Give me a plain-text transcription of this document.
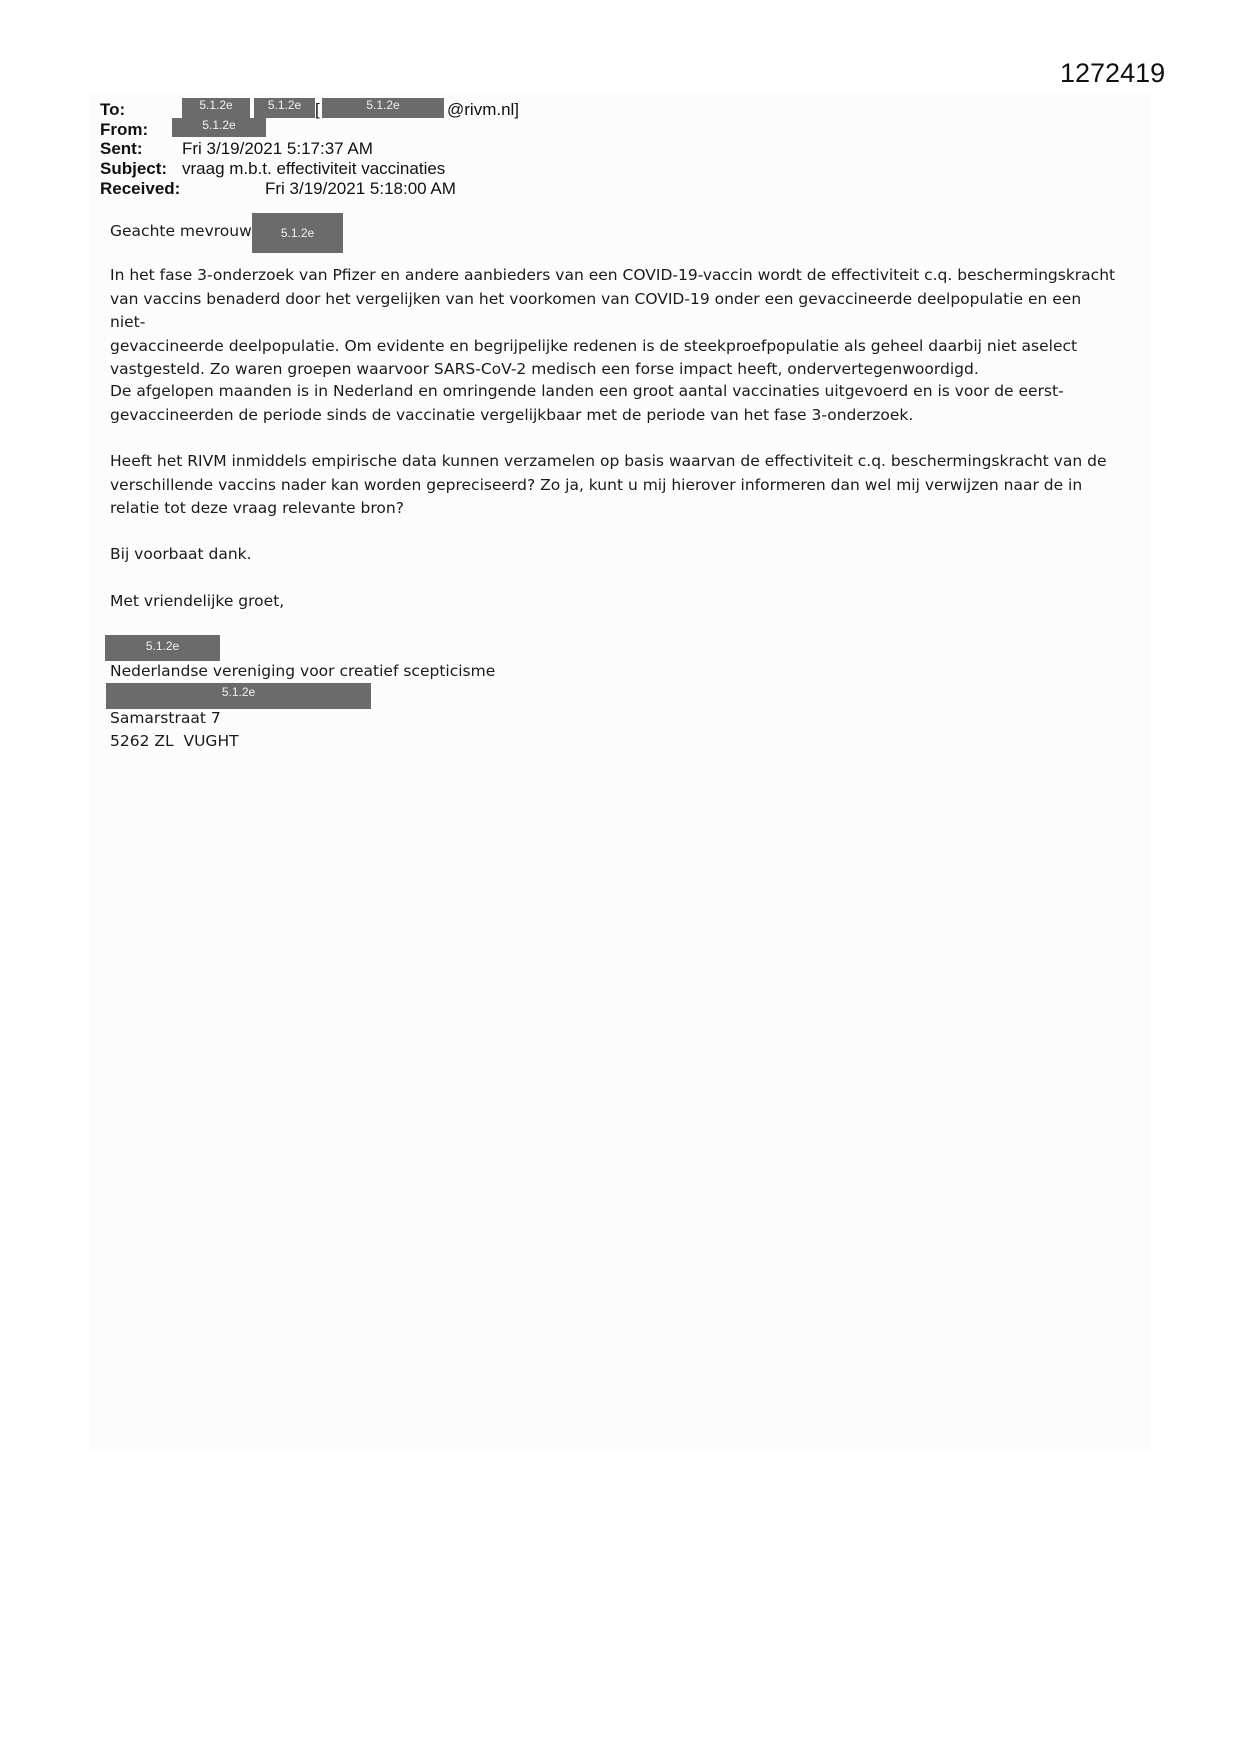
1272419
To:	5.1.2e	5.1.2e [	5.1.2e	@rivm.nl]
From:	5.1.2e
Sent: Fri 3/19/2021 5:17:37 AM
Subject: vraag m.b.t. effectiviteit vaccinaties
Received:	Fri 3/19/2021 5:18:00 AM
Geachte mevrouw	5.1.2e

In het fase 3-onderzoek van Pfizer en andere aanbieders van een COVID-19-vaccin wordt de effectiviteit c.q. beschermingskracht

van vaccins benaderd door het vergelijken van het voorkomen van COVID-19 onder een gevaccineerde deelpopulatie en een niet-

gevaccineerde deelpopulatie. Om evidente en begrijpelijke redenen is de steekproefpopulatie als geheel daarbij niet aselect

vastgesteld. Zo waren groepen waarvoor SARS-CoV-2 medisch een forse impact heeft, ondervertegenwoordigd.

De afgelopen maanden is in Nederland en omringende landen een groot aantal vaccinaties uitgevoerd en is voor de eerst-

gevaccineerden de periode sinds de vaccinatie vergelijkbaar met de periode van het fase 3-onderzoek.

Heeft het RIVM inmiddels empirische data kunnen verzamelen op basis waarvan de effectiviteit c.q. beschermingskracht van de

verschillende vaccins nader kan worden gepreciseerd? Zo ja, kunt u mij hierover informeren dan wel mij verwijzen naar de in

relatie tot deze vraag relevante bron?

Bij voorbaat dank.
Met vriendelijke groet,
5.1.2e
Nederlandse vereniging voor creatief scepticisme
5.1.2e
Samarstraat 7
5262 ZL  VUGHT
